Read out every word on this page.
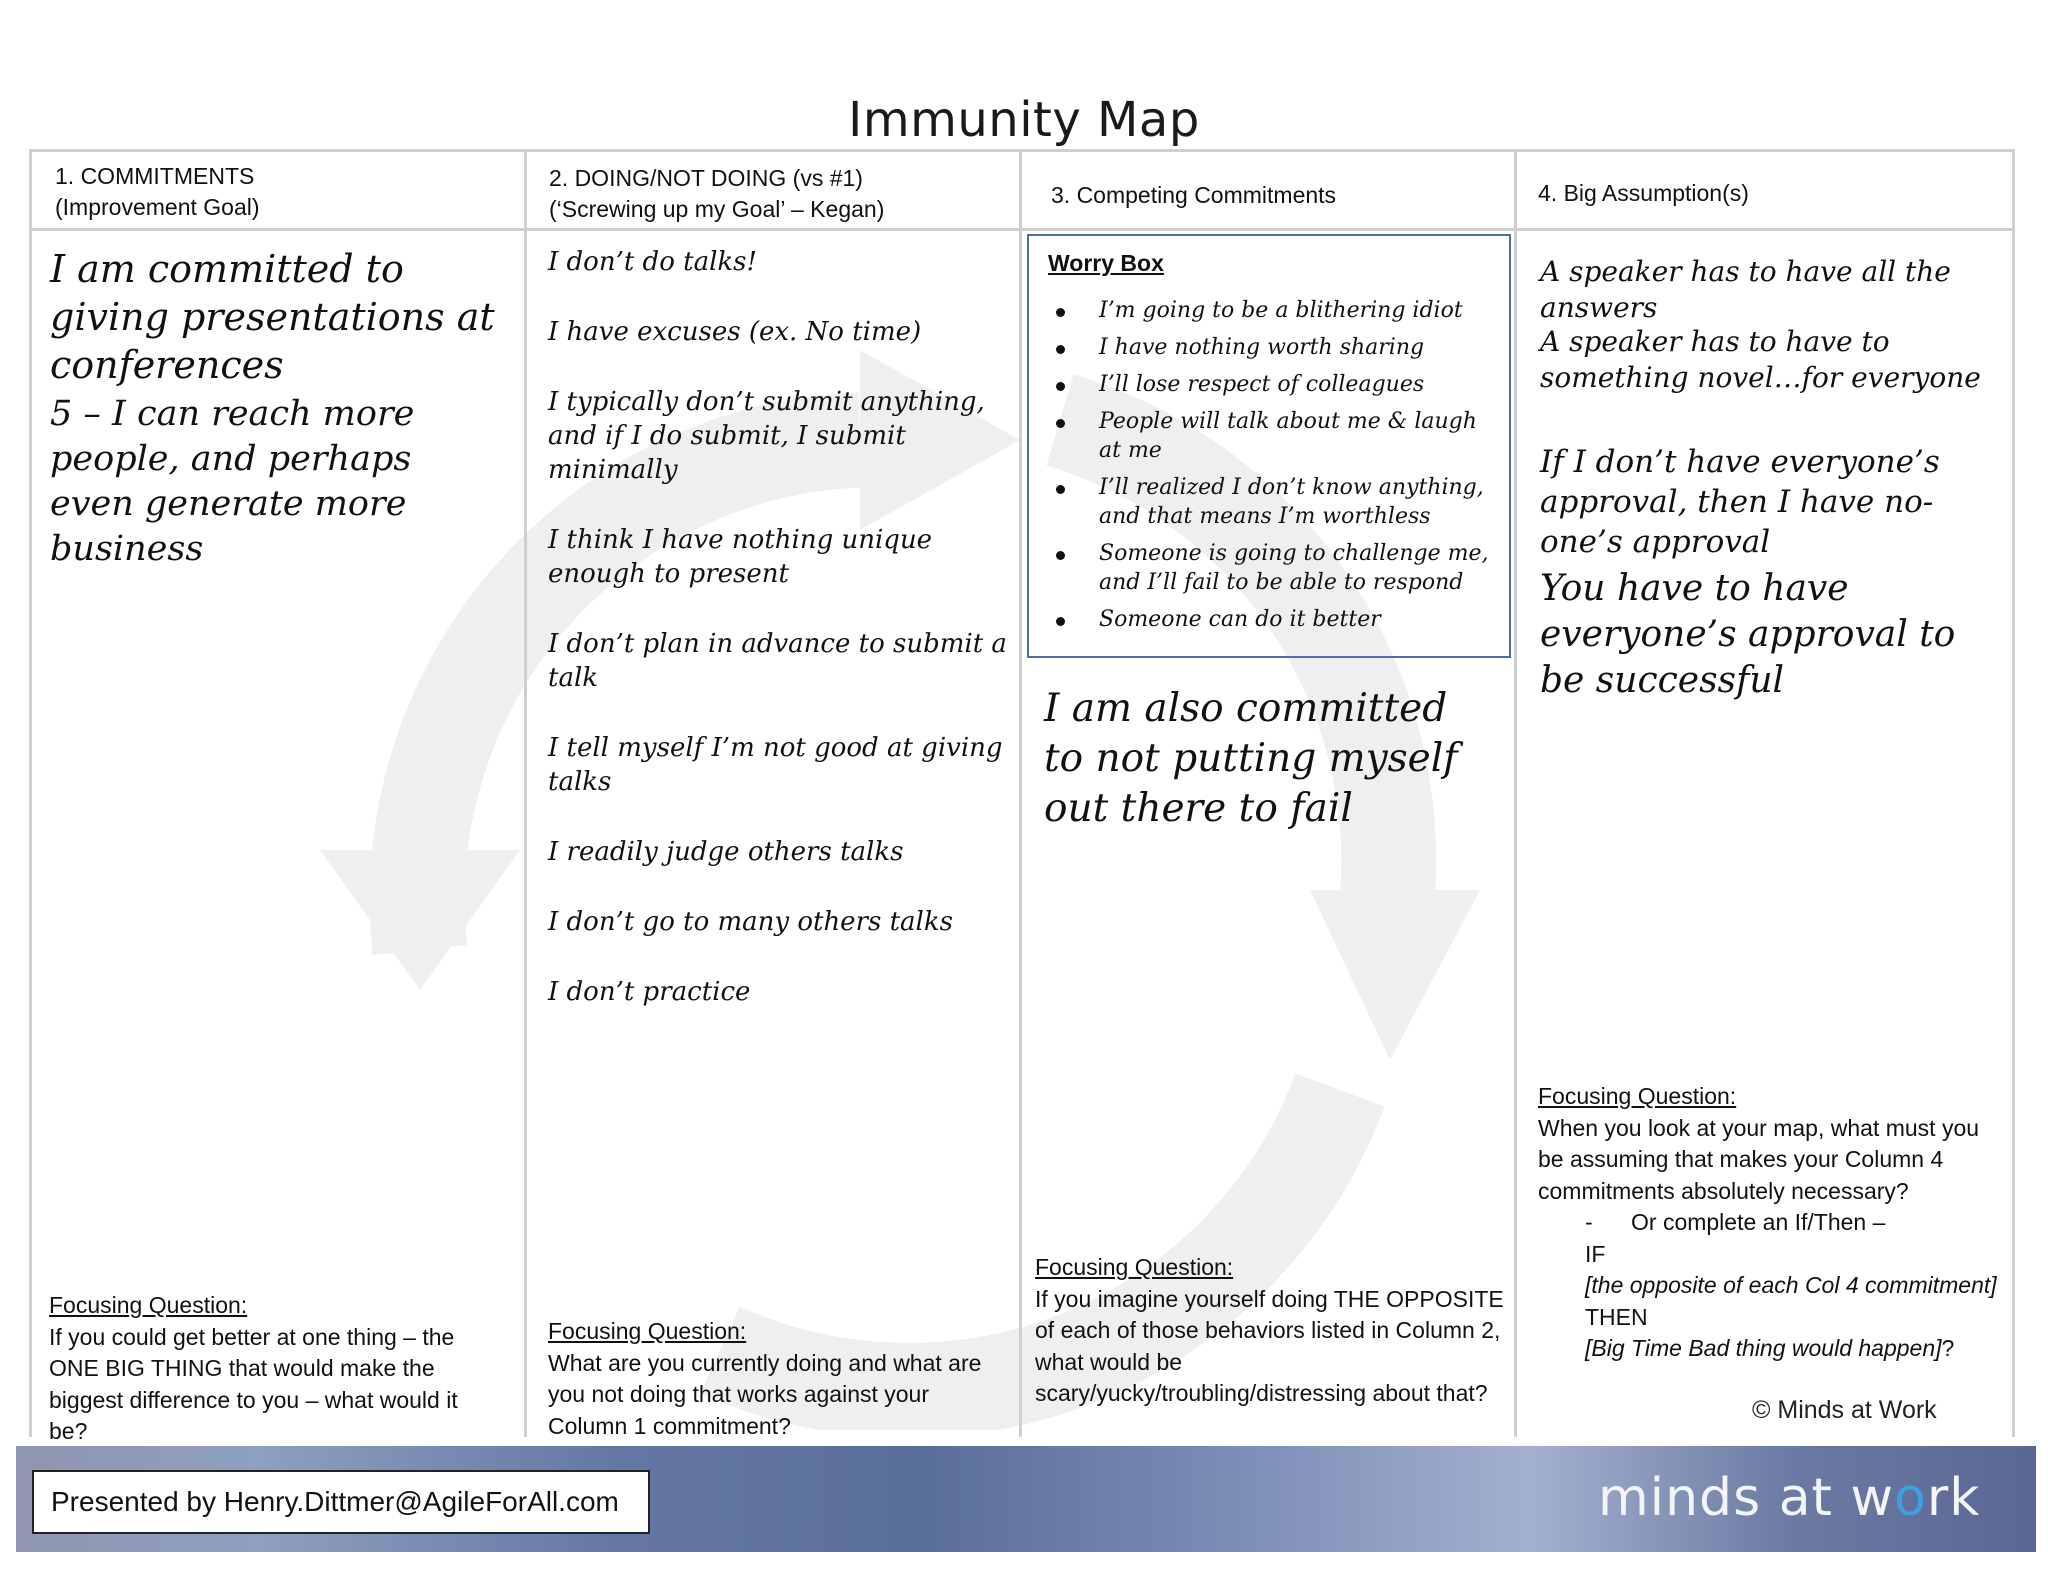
Immunity Map
1. COMMITMENTS
(Improvement Goal)
2. DOING/NOT DOING (vs #1)
(‘Screwing up my Goal’ – Kegan)
3. Competing Commitments	4. Big Assumption(s)
I am committed to giving presentations at conferences
5 – I can reach more people, and perhaps even generate more business
Focusing Question:
If you could get better at one thing – the ONE BIG THING that would make the biggest difference to you – what would it be?
I don’t do talks!
I have excuses (ex. No time)
I typically don’t submit anything, and if I do submit, I submit minimally
I think I have nothing unique enough to present
I don’t plan in advance to submit a talk
I tell myself I’m not good at giving talks
I readily judge others talks
I don’t go to many others talks
I don’t practice
Focusing Question:
What are you currently doing and what are you not doing that works against your Column 1 commitment?
Worry Box
I’m going to be a blithering idiot
I have nothing worth sharing
I’ll lose respect of colleagues
People will talk about me & laugh at me
I’ll realized I don’t know anything, and that means I’m worthless
Someone is going to challenge me, and I’ll fail to be able to respond
Someone can do it better
I am also committed to not putting myself out there to fail
Focusing Question:
If you imagine yourself doing THE OPPOSITE of each of those behaviors listed in Column 2, what would be scary/yucky/troubling/distressing about that?
A speaker has to have all the answers
A speaker has to have to something novel…for everyone
If I don’t have everyone’s approval, then I have no-one’s approval
You have to have everyone’s approval to be successful
Focusing Question:
When you look at your map, what must you be assuming that makes your Column 4 commitments absolutely necessary?
- Or complete an If/Then –
IF
[the opposite of each Col 4 commitment]
THEN
[Big Time Bad thing would happen]?
© Minds at Work
Presented by Henry.Dittmer@AgileForAll.com	minds at work
